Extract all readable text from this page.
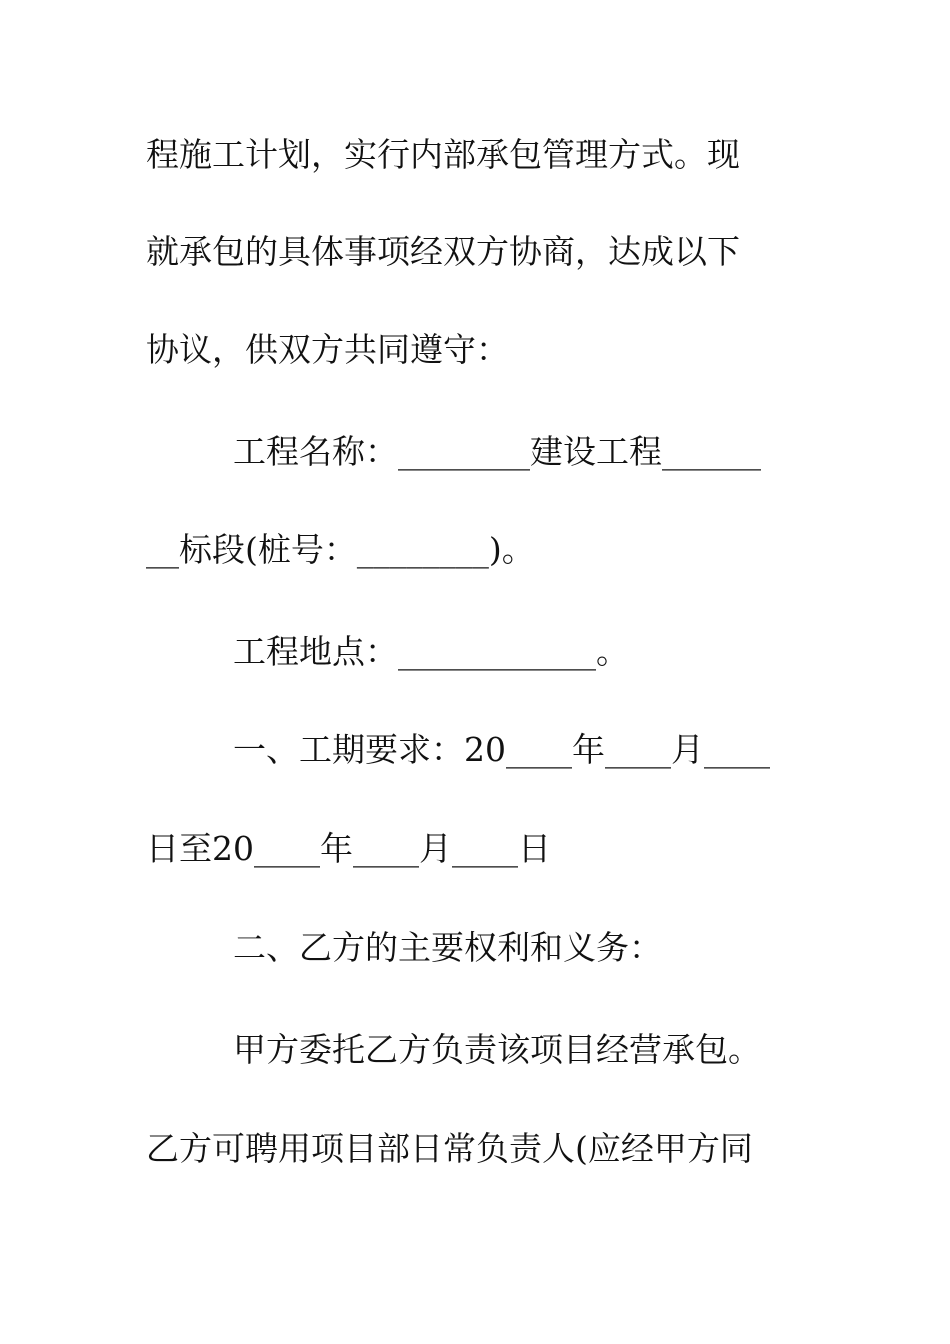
程施工计划，实行内部承包管理方式。现
就承包的具体事项经双方协商，达成以下
协议，供双方共同遵守：
工程名称：________建设工程______
__标段(桩号：________)。
工程地点：____________。
一、工期要求：20____年____月____
日至20____年____月____日
二、乙方的主要权利和义务：
甲方委托乙方负责该项目经营承包。
乙方可聘用项目部日常负责人(应经甲方同
